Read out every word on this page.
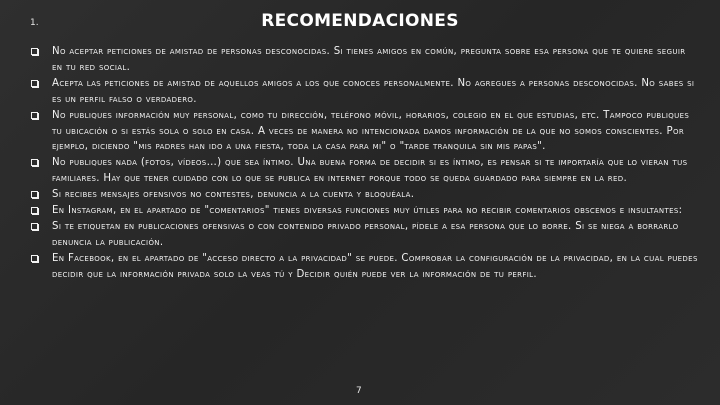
1.	RECOMENDACIONES
No aceptar peticiones de amistad de personas desconocidas. Si tienes amigos en común, pregunta sobre esa persona que te quiere seguir en tu red social.
Acepta las peticiones de amistad de aquellos amigos a los que conoces personalmente. No agregues a personas desconocidas. No sabes si es un perfil falso o verdadero.
No publiques información muy personal, como tu dirección, teléfono móvil, horarios, colegio en el que estudias, etc. Tampoco publiques tu ubicación o si estás sola o solo en casa. A veces de manera no intencionada damos información de la que no somos conscientes. Por ejemplo, diciendo "mis padres han ido a una fiesta, toda la casa para mi" o "tarde tranquila sin mis papas".
No publiques nada (fotos, vídeos…) que sea íntimo. Una buena forma de decidir si es íntimo, es pensar si te importaría que lo vieran tus familiares. Hay que tener cuidado con lo que se publica en internet porque todo se queda guardado para siempre en la red.
Si recibes mensajes ofensivos no contestes, denuncia a la cuenta y bloquéala.
En Instagram, en el apartado de "comentarios" tienes diversas funciones muy útiles para no recibir comentarios obscenos e insultantes:
Si te etiquetan en publicaciones ofensivas o con contenido privado personal, pídele a esa persona que lo borre. Si se niega a borrarlo denuncia la publicación.
En Facebook, en el apartado de "acceso directo a la privacidad" se puede. Comprobar la configuración de la privacidad, en la cual puedes decidir que la información privada solo la veas tú y Decidir quién puede ver la información de tu perfil.
7
